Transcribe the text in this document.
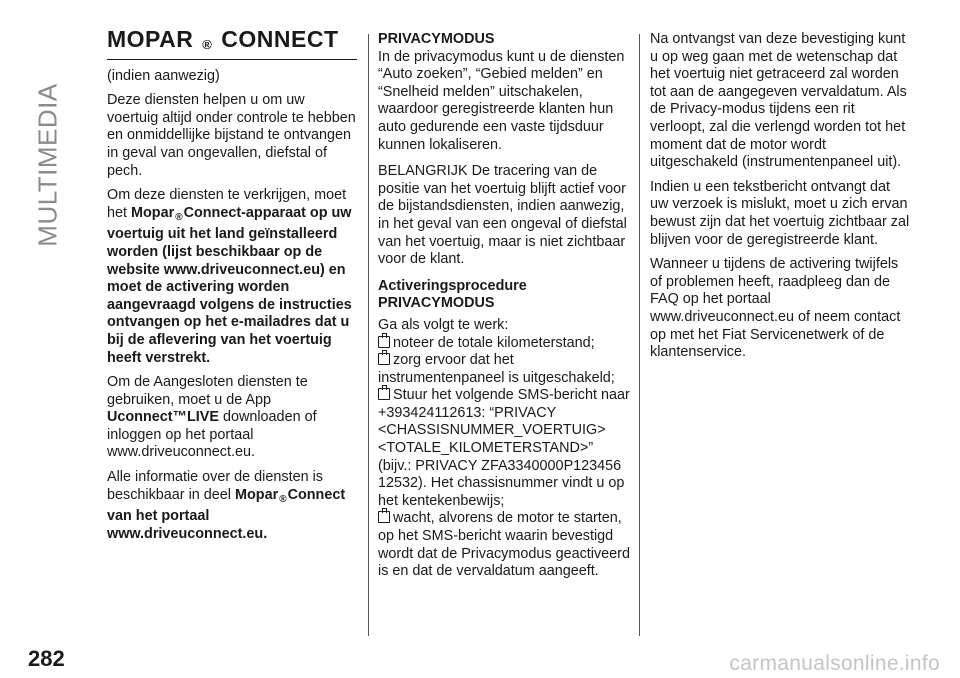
MULTIMEDIA
282	carmanualsonline.info
MOPAR ® CONNECT

(indien aanwezig)

Deze diensten helpen u om uw voertuig altijd onder controle te hebben en onmiddellijke bijstand te ontvangen in geval van ongevallen, diefstal of pech.

Om deze diensten te verkrijgen, moet het Mopar$_®$Connect-apparaat op uw voertuig uit het land geïnstalleerd worden (lijst beschikbaar op de website www.driveuconnect.eu) en moet de activering worden aangevraagd volgens de instructies ontvangen op het e-mailadres dat u bij de aflevering van het voertuig heeft verstrekt.

Om de Aangesloten diensten te gebruiken, moet u de App Uconnect™LIVE downloaden of inloggen op het portaal www.driveuconnect.eu.

Alle informatie over de diensten is beschikbaar in deel Mopar$_®$Connect van het portaal www.driveuconnect.eu.

PRIVACYMODUS

In de privacymodus kunt u de diensten “Auto zoeken”, “Gebied melden” en “Snelheid melden” uitschakelen, waardoor geregistreerde klanten hun auto gedurende een vaste tijdsduur kunnen lokaliseren.

BELANGRIJK De tracering van de positie van het voertuig blijft actief voor de bijstandsdiensten, indien aanwezig, in het geval van een ongeval of diefstal van het voertuig, maar is niet zichtbaar voor de klant.

Activeringsprocedure PRIVACYMODUS

Ga als volgt te werk:

noteer de totale kilometerstand;

zorg ervoor dat het instrumentenpaneel is uitgeschakeld;

Stuur het volgende SMS-bericht naar +393424112613: “PRIVACY <CHASSISNUMMER_VOERTUIG> <TOTALE_KILOMETERSTAND>” (bijv.: PRIVACY ZFA3340000P123456 12532). Het chassisnummer vindt u op het kentekenbewijs;

wacht, alvorens de motor te starten, op het SMS-bericht waarin bevestigd wordt dat de Privacymodus geactiveerd is en dat de vervaldatum aangeeft.

Na ontvangst van deze bevestiging kunt u op weg gaan met de wetenschap dat het voertuig niet getraceerd zal worden tot aan de aangegeven vervaldatum. Als de Privacy-modus tijdens een rit verloopt, zal die verlengd worden tot het moment dat de motor wordt uitgeschakeld (instrumentenpaneel uit).

Indien u een tekstbericht ontvangt dat uw verzoek is mislukt, moet u zich ervan bewust zijn dat het voertuig zichtbaar zal blijven voor de geregistreerde klant.

Wanneer u tijdens de activering twijfels of problemen heeft, raadpleeg dan de FAQ op het portaal www.driveuconnect.eu of neem contact op met het Fiat Servicenetwerk of de klantenservice.
